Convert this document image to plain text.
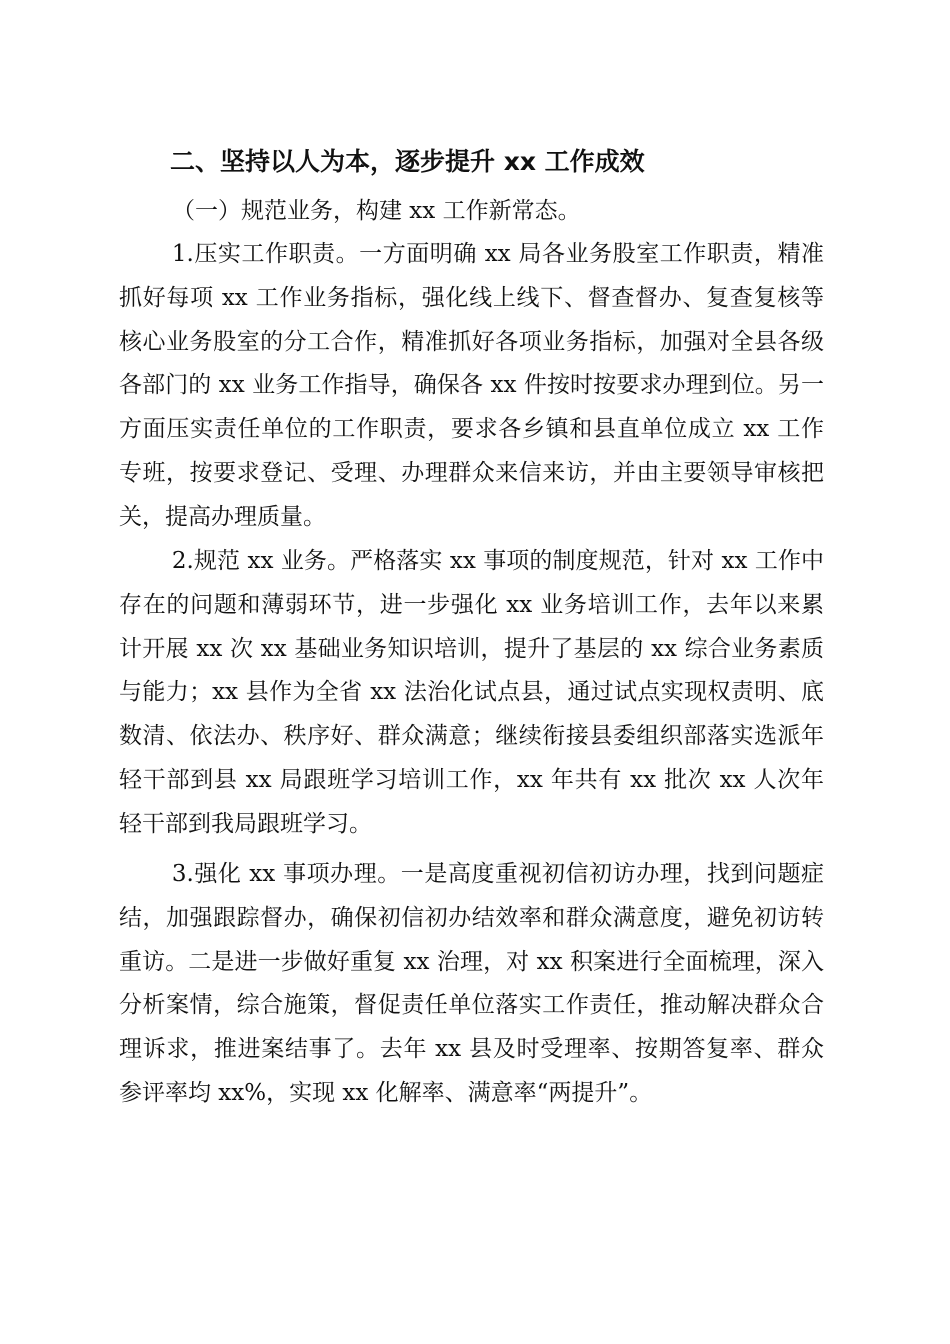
二、坚持以人为本，逐步提升 xx 工作成效
（一）规范业务，构建 xx 工作新常态。

1.压实工作职责。一方面明确 xx 局各业务股室工作职责，精准抓好每项 xx 工作业务指标，强化线上线下、督查督办、复查复核等核心业务股室的分工合作，精准抓好各项业务指标，加强对全县各级各部门的 xx 业务工作指导，确保各 xx 件按时按要求办理到位。另一方面压实责任单位的工作职责，要求各乡镇和县直单位成立 xx 工作专班，按要求登记、受理、办理群众来信来访，并由主要领导审核把关，提高办理质量。

2.规范 xx 业务。严格落实 xx 事项的制度规范，针对 xx 工作中存在的问题和薄弱环节，进一步强化 xx 业务培训工作，去年以来累计开展 xx 次 xx 基础业务知识培训，提升了基层的 xx 综合业务素质与能力；xx 县作为全省 xx 法治化试点县，通过试点实现权责明、底数清、依法办、秩序好、群众满意；继续衔接县委组织部落实选派年轻干部到县 xx 局跟班学习培训工作，xx 年共有 xx 批次 xx 人次年轻干部到我局跟班学习。

3.强化 xx 事项办理。一是高度重视初信初访办理，找到问题症结，加强跟踪督办，确保初信初办结效率和群众满意度，避免初访转重访。二是进一步做好重复 xx 治理，对 xx 积案进行全面梳理，深入分析案情，综合施策，督促责任单位落实工作责任，推动解决群众合理诉求，推进案结事了。去年 xx 县及时受理率、按期答复率、群众参评率均 xx%，实现 xx 化解率、满意率“两提升”。
